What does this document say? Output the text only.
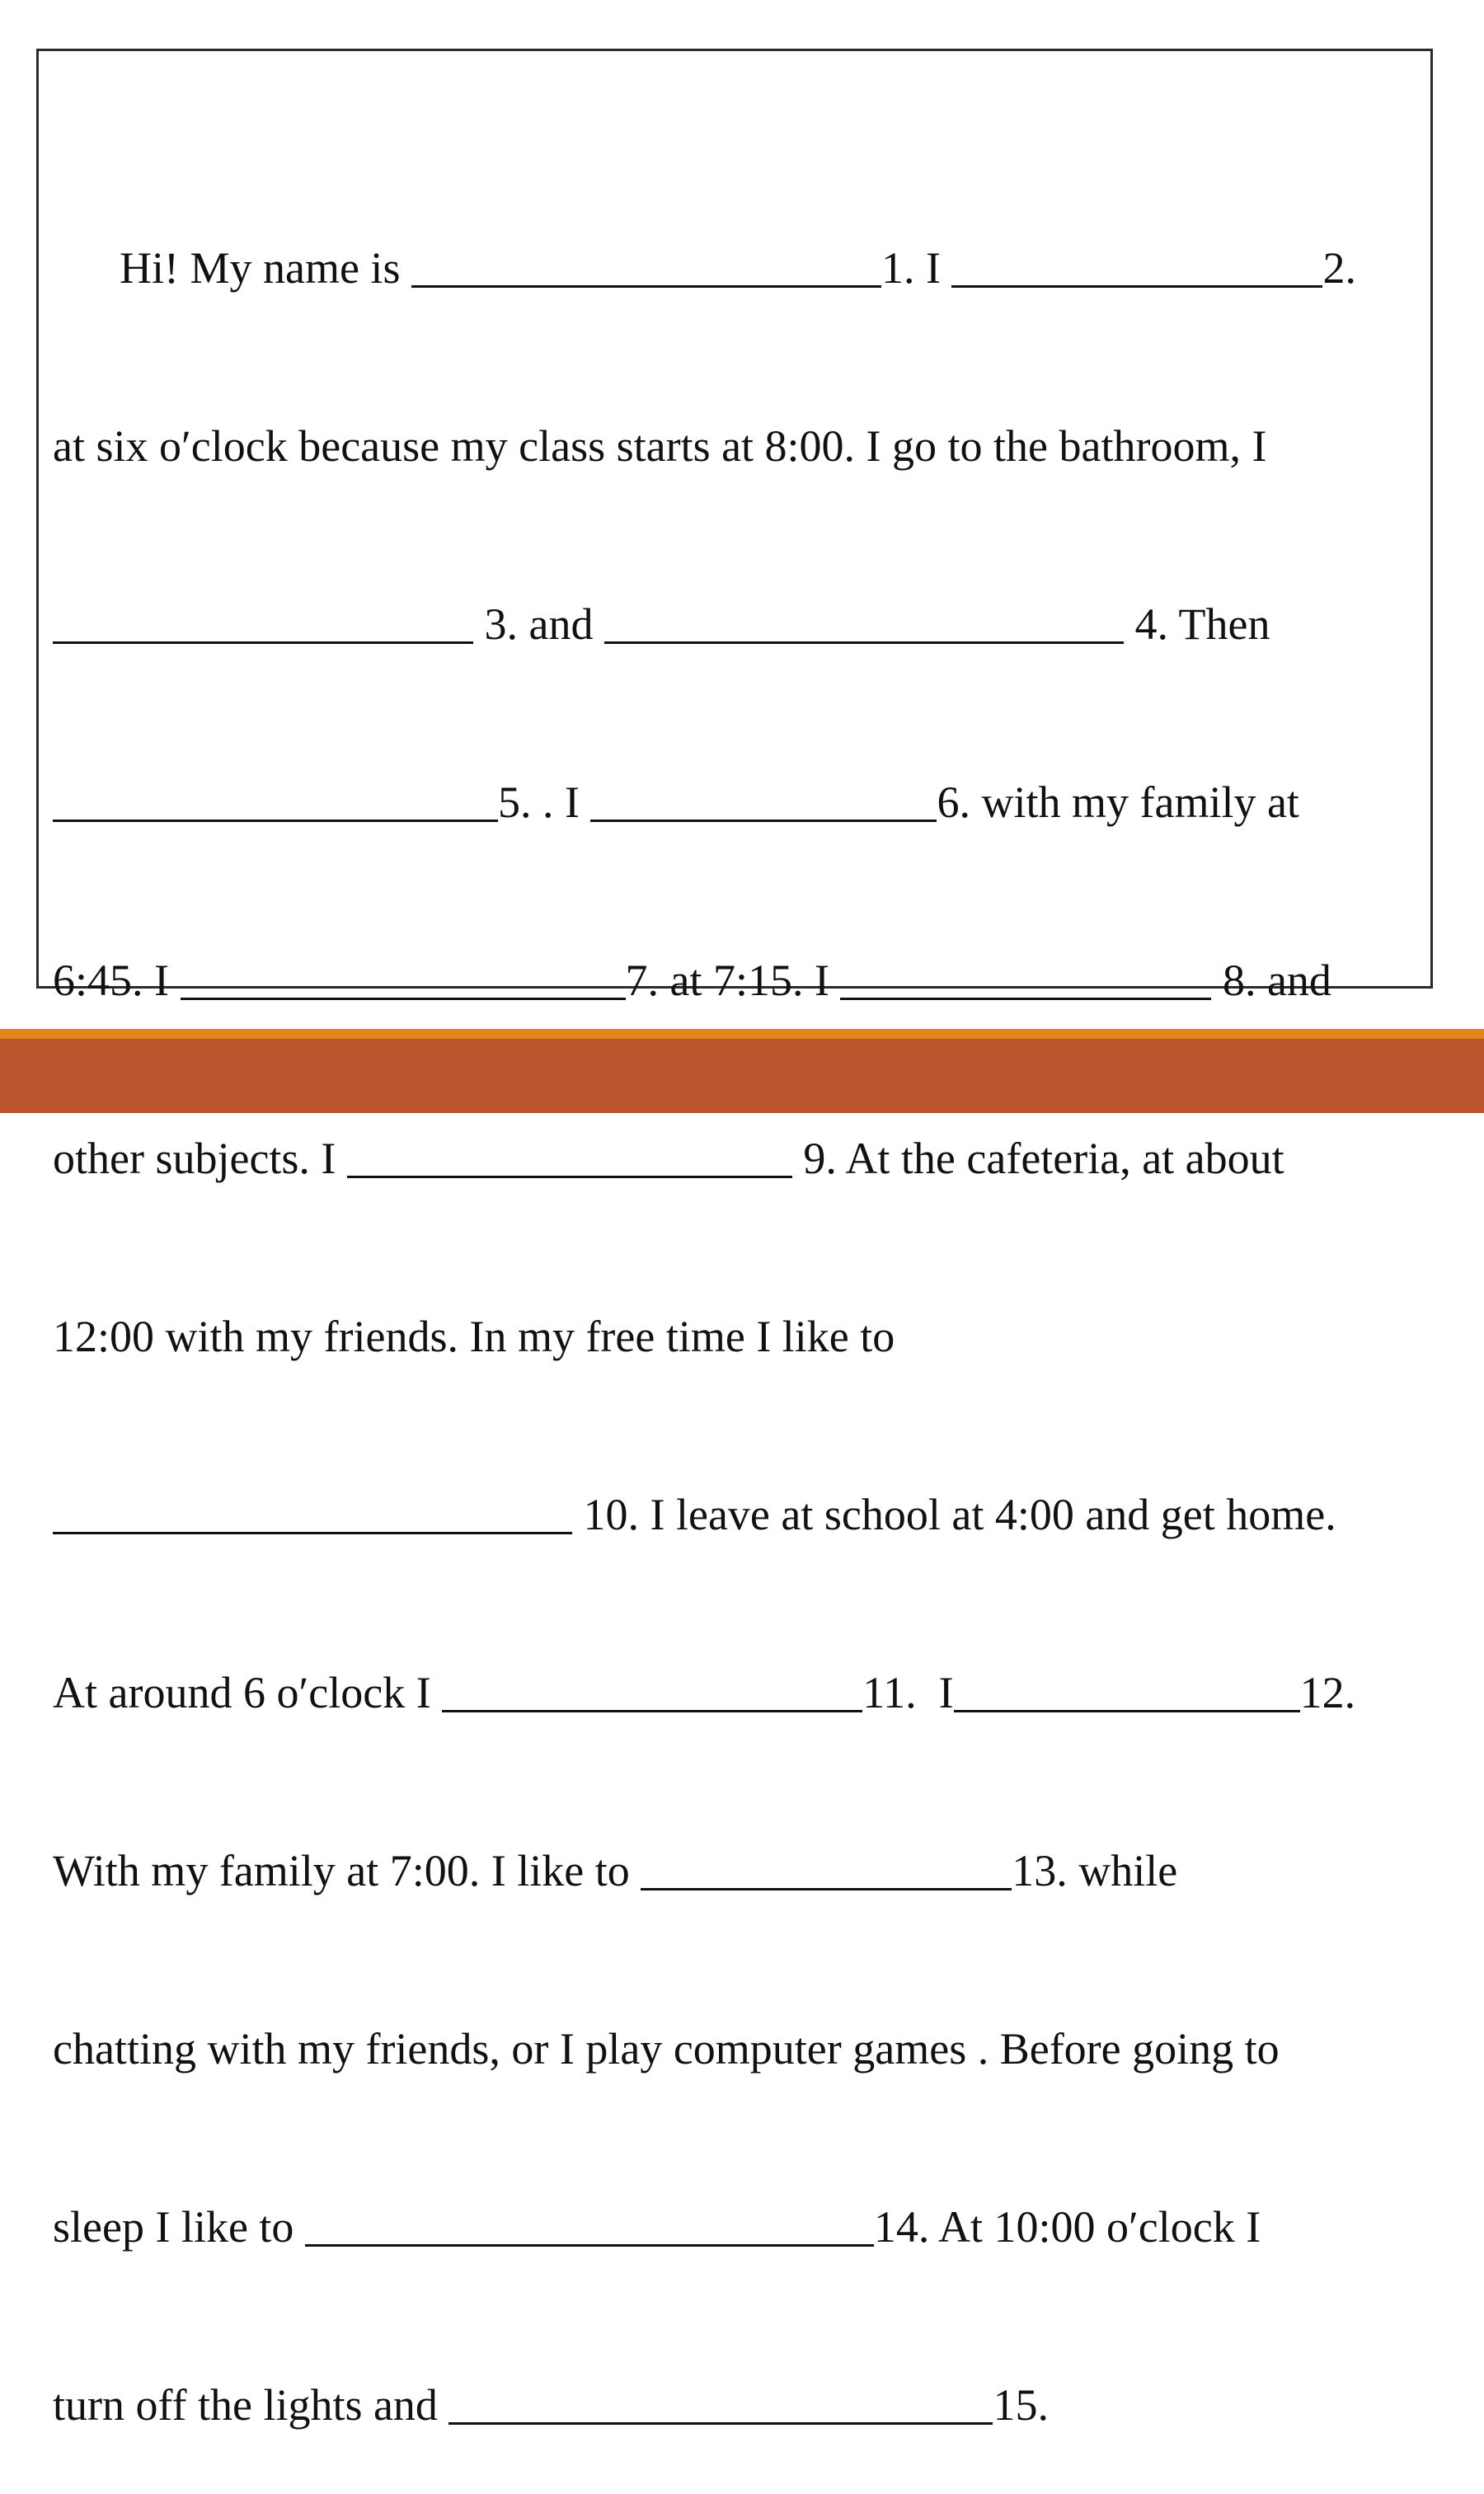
Hi! My name is	1. I	2.

at six o′clock because my class starts at 8:00. I go to the bathroom, I

3. and	4. Then

5. . I	6. with my family at

6:45. I	7. at 7:15. I	8. and

other subjects. I	9. At the cafeteria, at about

12:00 with my friends. In my free time I like to

10. I leave at school at 4:00 and get home.

At around 6 o′clock I	11.  I	12.

With my family at 7:00. I like to	13. while

chatting with my friends, or I play computer games . Before going to

sleep I like to	14. At 10:00 o′clock I

turn off the lights and	15.
